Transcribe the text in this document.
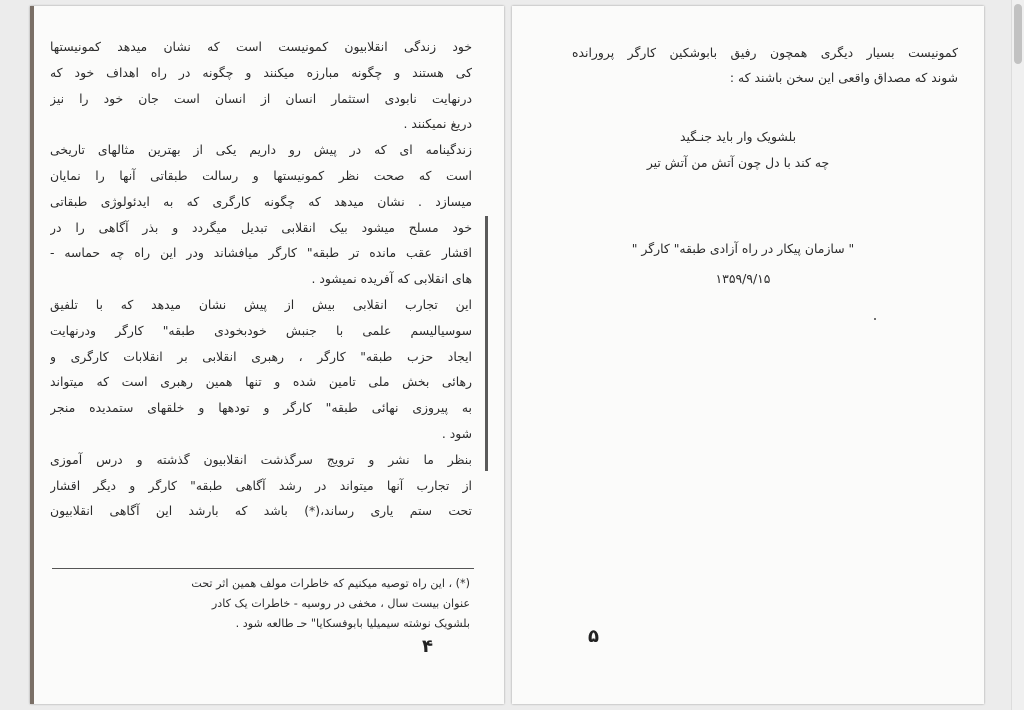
خود زندگی انقلابیون کمونیست است که نشان میدهد کمونیستها
کی هستند و چگونه مبارزه میکنند و چگونه در راه اهداف خود که
درنهایت نابودی استثمار انسان از انسان است جان خود را نیز
دریغ نمیکنند .
زندگینامه ای که در پیش رو داریم یکی از بهترین مثالهای تاریخی
است که صحت نظر کمونیستها و رسالت طبقاتی آنها را نمایان
میسازد . نشان میدهد که چگونه کارگری که به ایدئولوژی طبقاتی
خود مسلح میشود بیک انقلابی تبدیل میگردد و بذر آگاهی را در
اقشار عقب مانده تر طبقه" کارگر میافشاند ودر این راه چه حماسه -
های انقلابی که آفریده نمیشود .
این تجارب انقلابی بیش از پیش نشان میدهد که با تلفیق
سوسیالیسم علمی با جنبش خودبخودی طبقه" کارگر ودرنهایت
ایجاد حزب طبقه" کارگر ، رهبری انقلابی بر انقلابات کارگری و
رهائی بخش ملی تامین شده و تنها همین رهبری است که میتواند
به پیروزی نهائی طبقه" کارگر و تودهها و خلقهای ستمدیده منجر
شود .
بنظر ما نشر و ترویج سرگذشت انقلابیون گذشته و درس آموزی
از تجارب آنها میتواند در رشد آگاهی طبقه" کارگر و دیگر اقشار
تحت ستم یاری رساند،(*) باشد که بارشد این آگاهی انقلابیون
(*) ، این راه توصیه میکنیم که خاطرات مولف همین اثر تحت
عنوان بیست سال ، مخفی در روسیه - خاطرات یک کادر
بلشویک نوشته سیمیلیا بابوفسکایا" حـ طالعه شود .
۴
کمونیست بسیار دیگری همچون رفیق بابوشکین کارگر پرورانده
شوند که مصداق واقعی این سخن باشند که :
بلشویک وار باید جنـگید
چه کند با دل چون آتش من آتش تیر
" سازمان پیکار در راه آزادی طبقه" کارگر "
۱۳۵۹/۹/۱۵
۵
